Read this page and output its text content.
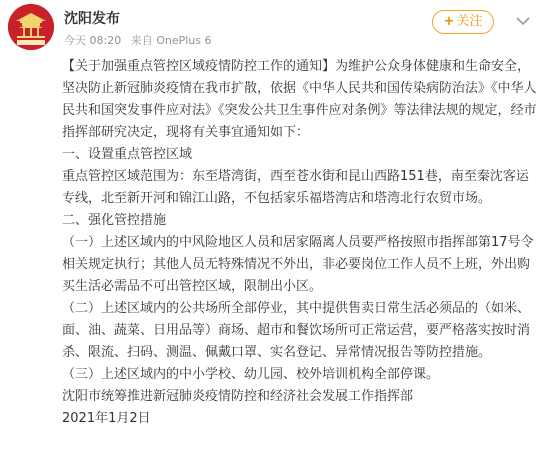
沈阳发布
今天 08:20 来自 OnePlus 6
+ 关注

【关于加强重点管控区域疫情防控工作的通知】为维护公众身体健康和生命安全，坚决防止新冠肺炎疫情在我市扩散，依据《中华人民共和国传染病防治法》《中华人民共和国突发事件应对法》《突发公共卫生事件应对条例》等法律法规的规定，经市指挥部研究决定，现将有关事宜通知如下：

一、设置重点管控区域

重点管控区域范围为：东至塔湾街，西至苍水街和昆山西路151巷，南至秦沈客运专线，北至新开河和锦江山路，不包括家乐福塔湾店和塔湾北行农贸市场。

二、强化管控措施

（一）上述区域内的中风险地区人员和居家隔离人员要严格按照市指挥部第17号令相关规定执行；其他人员无特殊情况不外出，非必要岗位工作人员不上班，外出购买生活必需品不可出管控区域，限制出小区。

（二）上述区域内的公共场所全部停业，其中提供售卖日常生活必须品的（如米、面、油、蔬菜、日用品等）商场、超市和餐饮场所可正常运营，要严格落实按时消杀、限流、扫码、测温、佩戴口罩、实名登记、异常情况报告等防控措施。

（三）上述区域内的中小学校、幼儿园、校外培训机构全部停课。

沈阳市统筹推进新冠肺炎疫情防控和经济社会发展工作指挥部

2021年1月2日
